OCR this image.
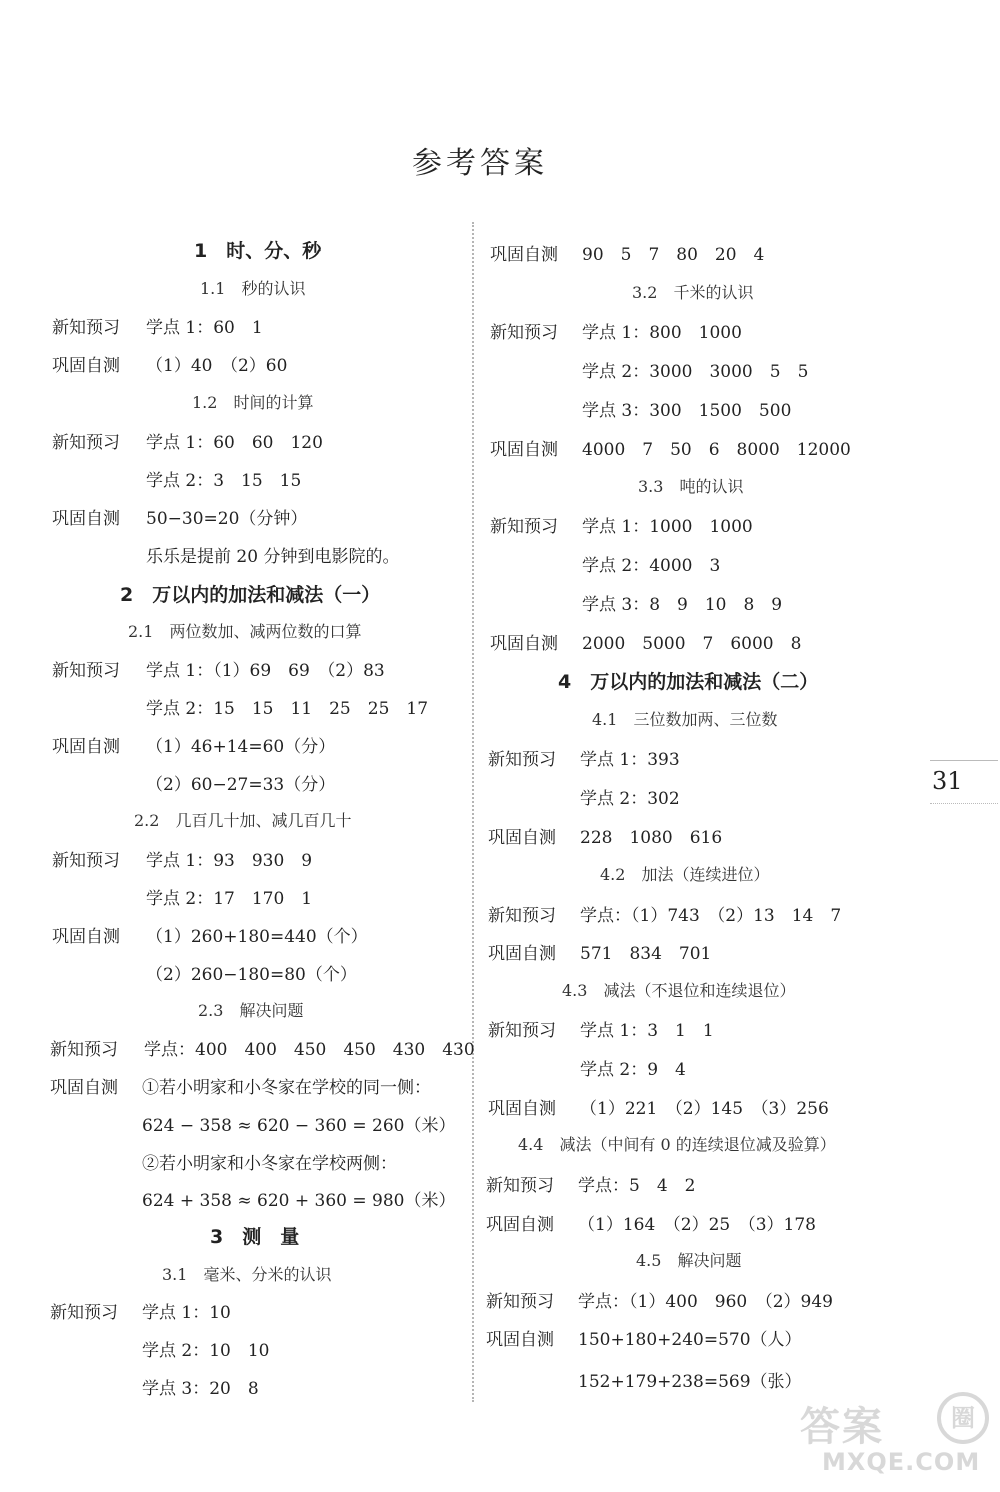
参考答案
1　时、分、秒
1.1　秒的认识
新知预习 学点 1：60　1
巩固自测 （1）40　（2）60
1.2　时间的计算
新知预习 学点 1：60　60　120
学点 2：3　15　15
巩固自测 50−30=20（分钟）
乐乐是提前 20 分钟到电影院的。
2　万以内的加法和减法（一）
2.1　两位数加、减两位数的口算
新知预习 学点 1：（1）69　69　（2）83
学点 2：15　15　11　25　25　17
巩固自测 （1）46+14=60（分）
（2）60−27=33（分）
2.2　几百几十加、减几百几十
新知预习 学点 1：93　930　9
学点 2：17　170　1
巩固自测 （1）260+180=440（个）
（2）260−180=80（个）
2.3　解决问题
新知预习 学点：400　400　450　450　430　430
巩固自测 ①若小明家和小冬家在学校的同一侧：
624 − 358 ≈ 620 − 360 = 260（米）
②若小明家和小冬家在学校两侧：
624 + 358 ≈ 620 + 360 = 980（米）
3　测　量
3.1　毫米、分米的认识
新知预习 学点 1：10
学点 2：10　10
学点 3：20　8
巩固自测 90　5　7　80　20　4
3.2　千米的认识
新知预习 学点 1：800　1000
学点 2：3000　3000　5　5
学点 3：300　1500　500
巩固自测 4000　7　50　6　8000　12000
3.3　吨的认识
新知预习 学点 1：1000　1000
学点 2：4000　3
学点 3：8　9　10　8　9
巩固自测 2000　5000　7　6000　8
4　万以内的加法和减法（二）
4.1　三位数加两、三位数
新知预习 学点 1：393
学点 2：302
巩固自测 228　1080　616
4.2　加法（连续进位）
新知预习 学点：（1）743　（2）13　14　7
巩固自测 571　834　701
4.3　减法（不退位和连续退位）
新知预习 学点 1：3　1　1
学点 2：9　4
巩固自测 （1）221　（2）145　（3）256
4.4　减法（中间有 0 的连续退位减及验算）
新知预习 学点：5　4　2
巩固自测 （1）164　（2）25　（3）178
4.5　解决问题
新知预习 学点：（1）400　960　（2）949
巩固自测 150+180+240=570（人）
152+179+238=569（张）
31
答案	圈
MXQE.COM
